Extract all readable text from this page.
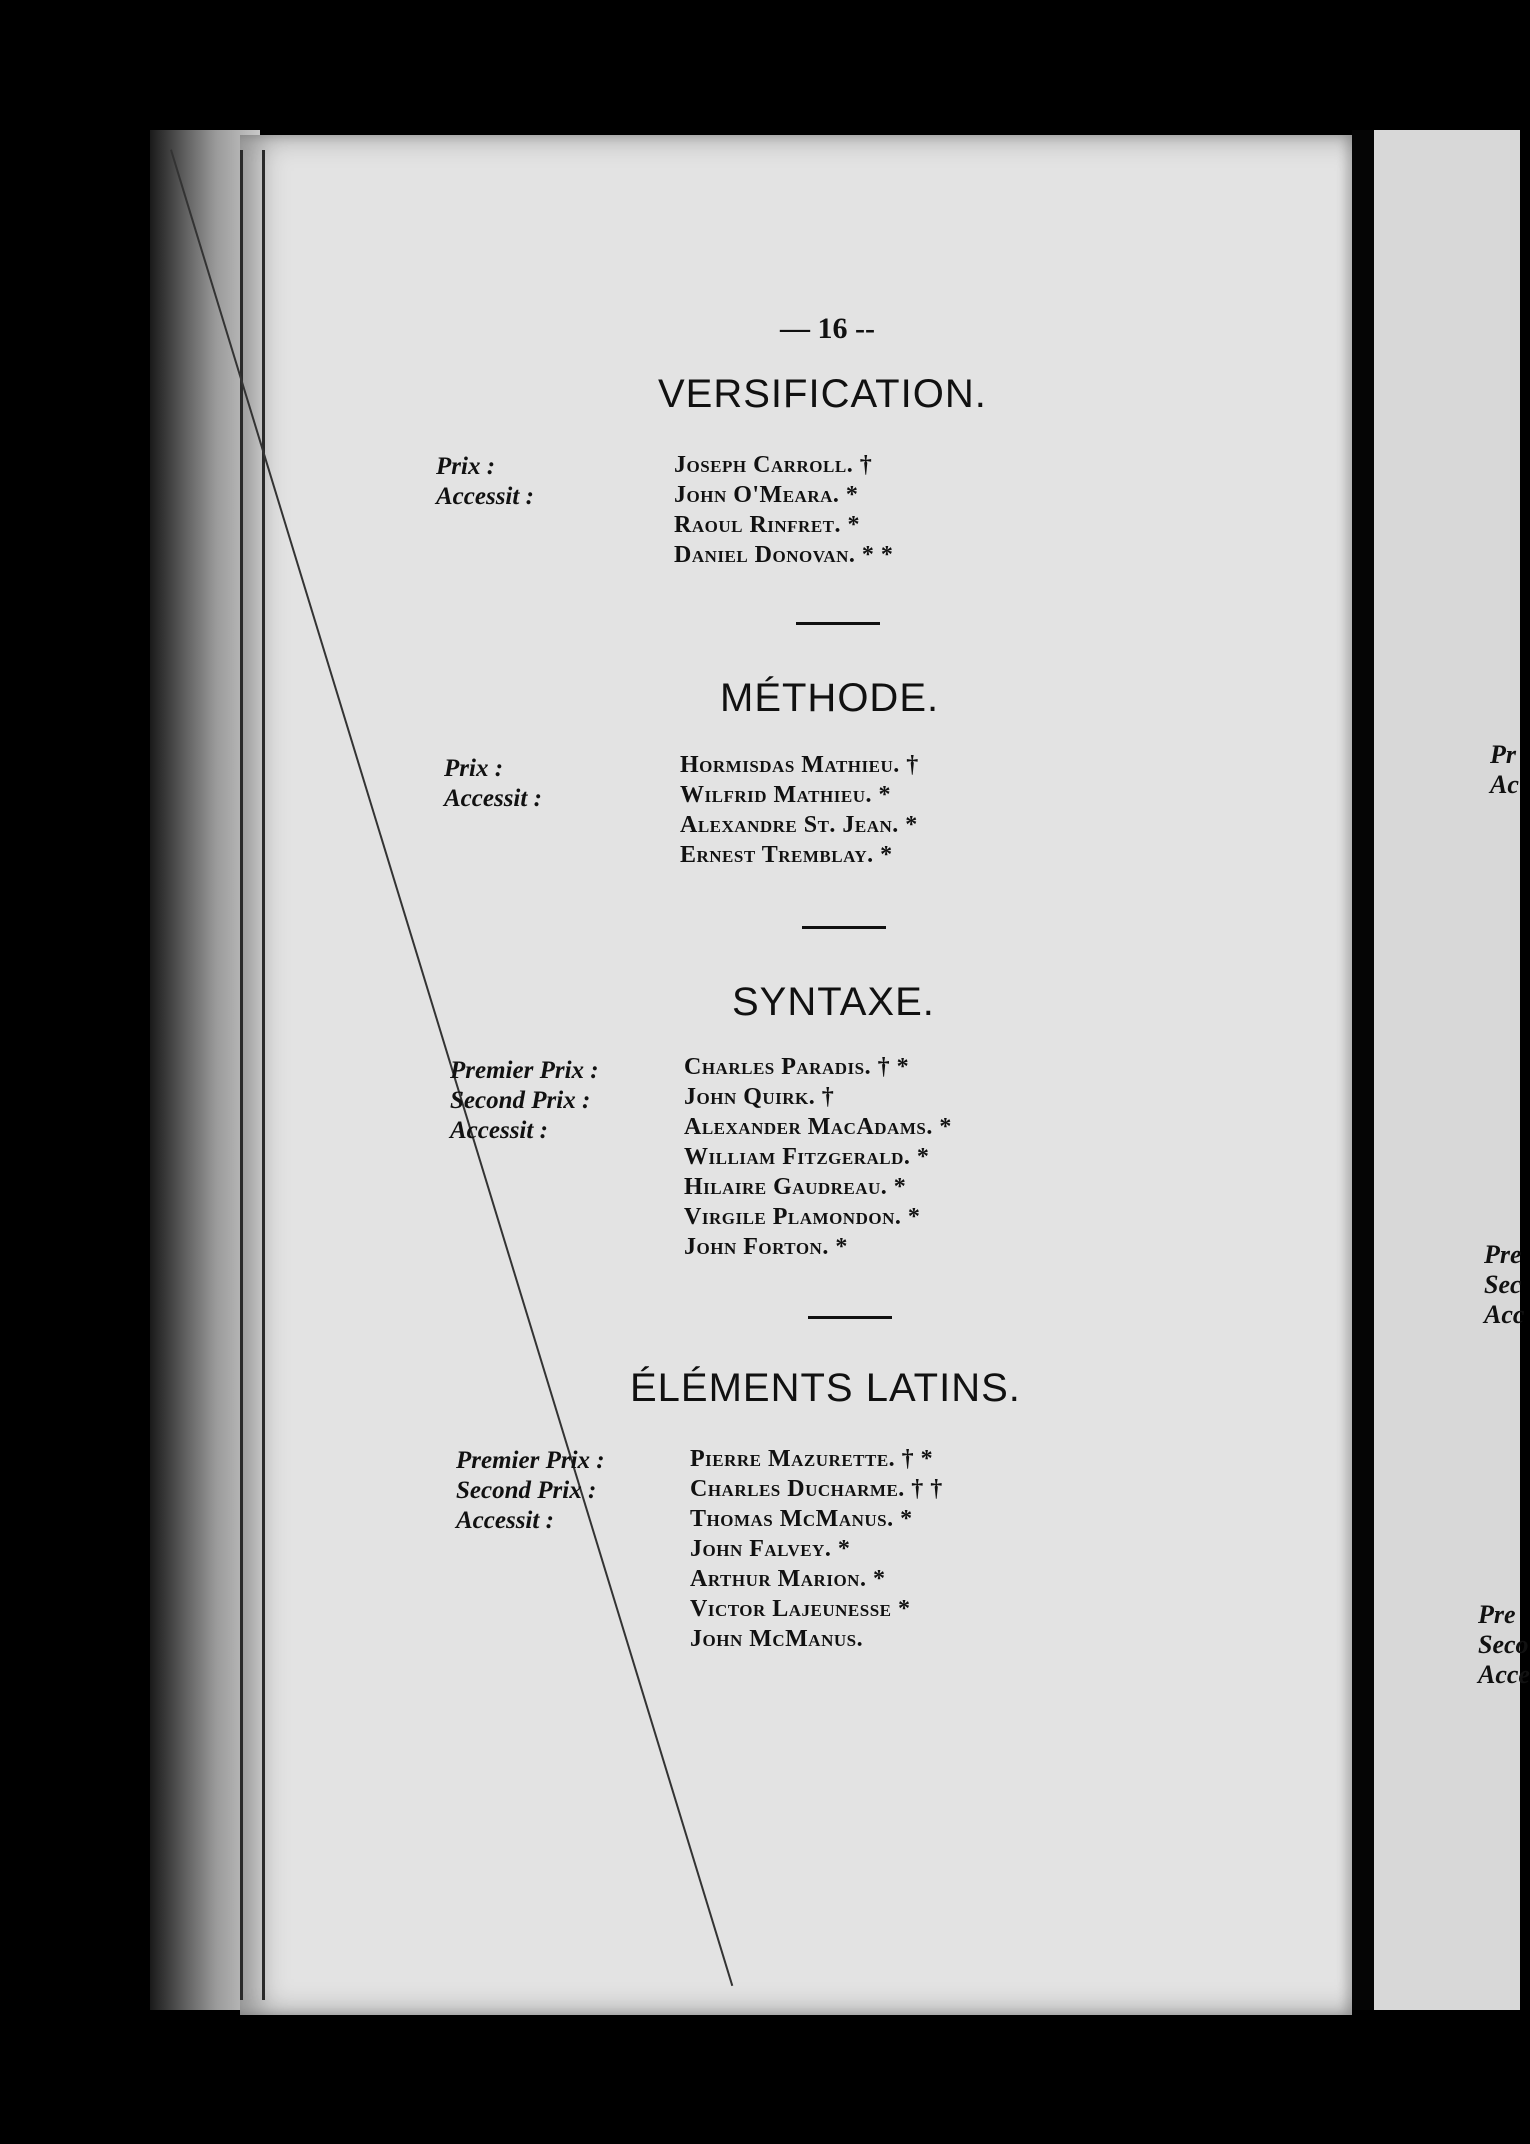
Pr
Ac
Pre
Sec
Acc
Pre
Seco
Acce
— 16 --
VERSIFICATION.
Prix :
Accessit :
Joseph Carroll. †
John O'Meara. *
Raoul Rinfret. *
Daniel Donovan. * *
MÉTHODE.
Prix :
Accessit :
Hormisdas Mathieu. †
Wilfrid Mathieu. *
Alexandre St. Jean. *
Ernest Tremblay. *
SYNTAXE.
Premier Prix :
Second Prix :
Accessit :
Charles Paradis. † *
John Quirk. †
Alexander MacAdams. *
William Fitzgerald. *
Hilaire Gaudreau. *
Virgile Plamondon. *
John Forton. *
ÉLÉMENTS LATINS.
Premier Prix :
Second Prix :
Accessit :
Pierre Mazurette. † *
Charles Ducharme. † †
Thomas McManus. *
John Falvey. *
Arthur Marion. *
Victor Lajeunesse *
John McManus.
